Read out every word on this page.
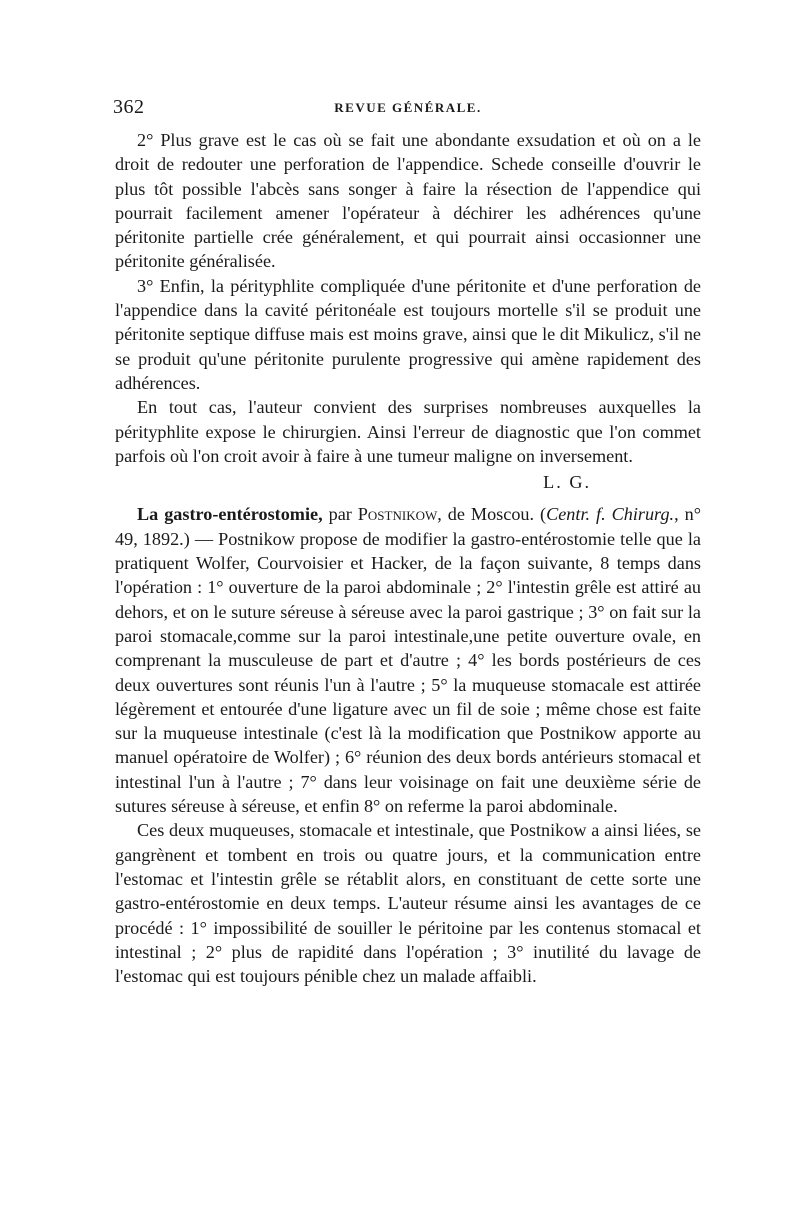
362	REVUE GÉNÉRALE.

2° Plus grave est le cas où se fait une abondante exsudation et où on a le droit de redouter une perforation de l'appendice. Schede conseille d'ouvrir le plus tôt possible l'abcès sans songer à faire la résection de l'appendice qui pourrait facilement amener l'opérateur à déchirer les adhérences qu'une péritonite partielle crée généralement, et qui pourrait ainsi occasionner une péritonite généralisée.

3° Enfin, la pérityphlite compliquée d'une péritonite et d'une perforation de l'appendice dans la cavité péritonéale est toujours mortelle s'il se produit une péritonite septique diffuse mais est moins grave, ainsi que le dit Mikulicz, s'il ne se produit qu'une péritonite purulente progressive qui amène rapidement des adhérences.

En tout cas, l'auteur convient des surprises nombreuses auxquelles la pérityphlite expose le chirurgien. Ainsi l'erreur de diagnostic que l'on commet parfois où l'on croit avoir à faire à une tumeur maligne on inversement.

L. G.

La gastro-entérostomie, par Postnikow, de Moscou. (Centr. f. Chirurg., n° 49, 1892.) — Postnikow propose de modifier la gastro-entérostomie telle que la pratiquent Wolfer, Courvoisier et Hacker, de la façon suivante, 8 temps dans l'opération : 1° ouverture de la paroi abdominale ; 2° l'intestin grêle est attiré au dehors, et on le suture séreuse à séreuse avec la paroi gastrique ; 3° on fait sur la paroi stomacale,comme sur la paroi intestinale,une petite ouverture ovale, en comprenant la musculeuse de part et d'autre ; 4° les bords postérieurs de ces deux ouvertures sont réunis l'un à l'autre ; 5° la muqueuse stomacale est attirée légèrement et entourée d'une ligature avec un fil de soie ; même chose est faite sur la muqueuse intestinale (c'est là la modification que Postnikow apporte au manuel opératoire de Wolfer) ; 6° réunion des deux bords antérieurs stomacal et intestinal l'un à l'autre ; 7° dans leur voisinage on fait une deuxième série de sutures séreuse à séreuse, et enfin 8° on referme la paroi abdominale.

Ces deux muqueuses, stomacale et intestinale, que Postnikow a ainsi liées, se gangrènent et tombent en trois ou quatre jours, et la communication entre l'estomac et l'intestin grêle se rétablit alors, en constituant de cette sorte une gastro-entérostomie en deux temps. L'auteur résume ainsi les avantages de ce procédé : 1° impossibilité de souiller le péritoine par les contenus stomacal et intestinal ; 2° plus de rapidité dans l'opération ; 3° inutilité du lavage de l'estomac qui est toujours pénible chez un malade affaibli.
